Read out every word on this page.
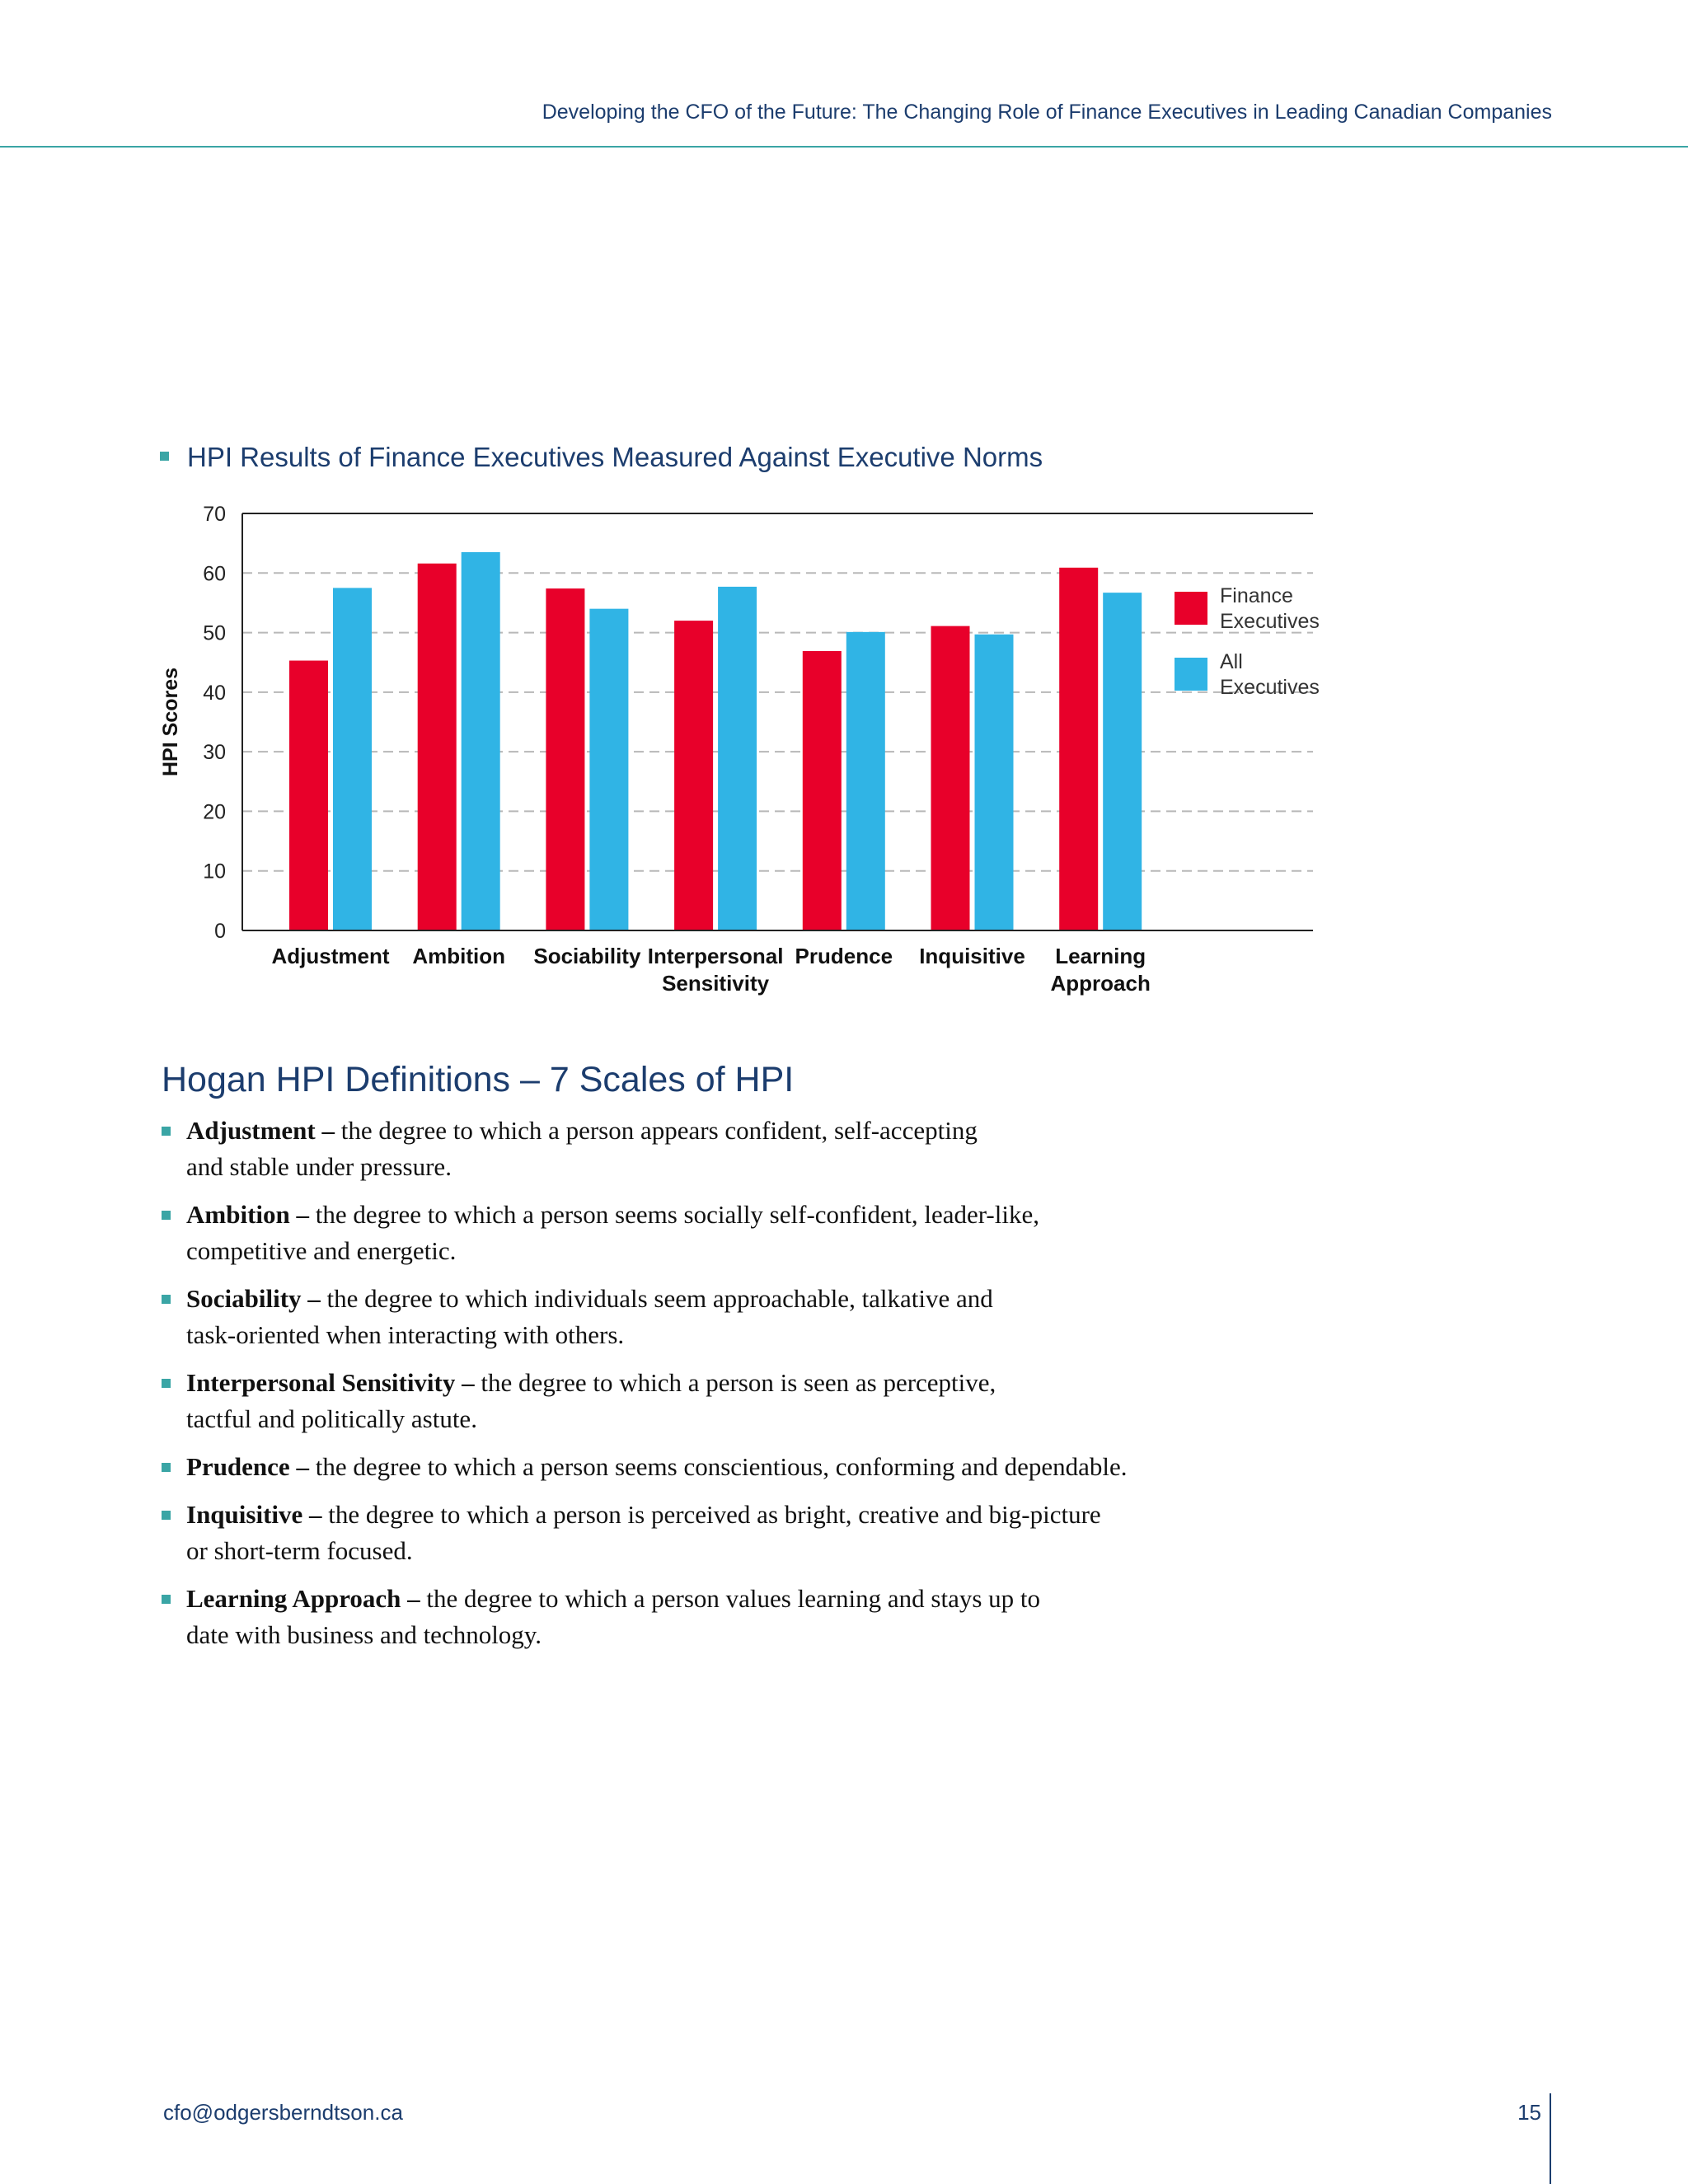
Developing the CFO of the Future: The Changing Role of Finance Executives in Leading Canadian Companies
HPI Results of Finance Executives Measured Against Executive Norms
0
10
20
30
40
50
60
70
HPI Scores
Adjustment Ambition Sociability Interpersonal
Sensitivity
Prudence Inquisitive Learning
Approach
Finance
Executives
All
Executives
Hogan HPI Definitions – 7 Scales of HPI
Adjustment – the degree to which a person appears confident, self-accepting
and stable under pressure.
Ambition – the degree to which a person seems socially self-confident, leader-like,
competitive and energetic.
Sociability – the degree to which individuals seem approachable, talkative and
task-oriented when interacting with others.
Interpersonal Sensitivity – the degree to which a person is seen as perceptive,
tactful and politically astute.
Prudence – the degree to which a person seems conscientious, conforming and dependable.
Inquisitive – the degree to which a person is perceived as bright, creative and big-picture
or short-term focused.
Learning Approach – the degree to which a person values learning and stays up to
date with business and technology.
cfo@odgersberndtson.ca	15
